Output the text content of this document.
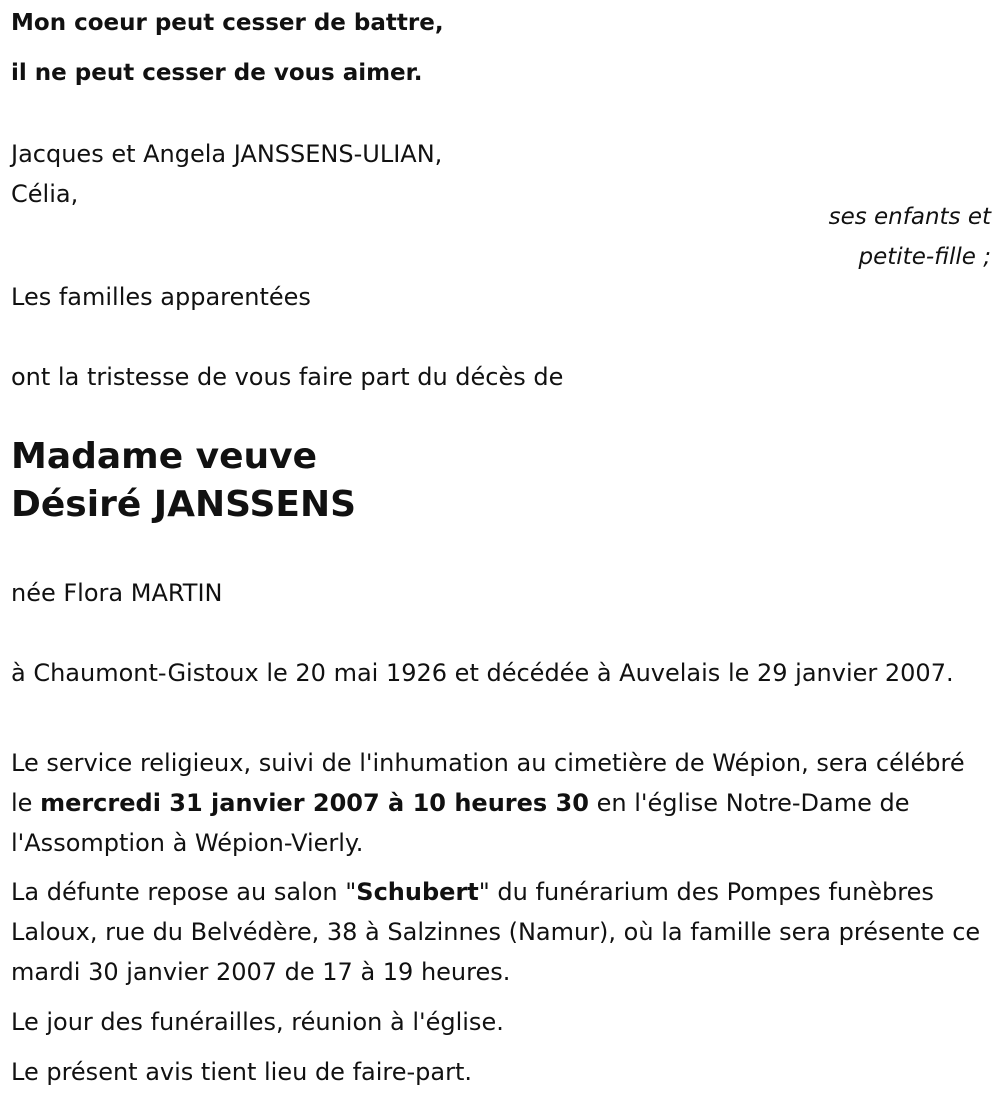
Mon coeur peut cesser de battre,

il ne peut cesser de vous aimer.

Jacques et Angela JANSSENS-ULIAN,

Célia,

ses enfants et

petite-fille ;

Les familles apparentées

ont la tristesse de vous faire part du décès de

Madame veuve

Désiré JANSSENS

née Flora MARTIN

à Chaumont-Gistoux le 20 mai 1926 et décédée à Auvelais le 29 janvier 2007.

Le service religieux, suivi de l'inhumation au cimetière de Wépion, sera célébré le mercredi 31 janvier 2007 à 10 heures 30 en l'église Notre-Dame de l'Assomption à Wépion-Vierly.

La défunte repose au salon "Schubert" du funérarium des Pompes funèbres Laloux, rue du Belvédère, 38 à Salzinnes (Namur), où la famille sera présente ce mardi 30 janvier 2007 de 17 à 19 heures.

Le jour des funérailles, réunion à l'église.

Le présent avis tient lieu de faire-part.
